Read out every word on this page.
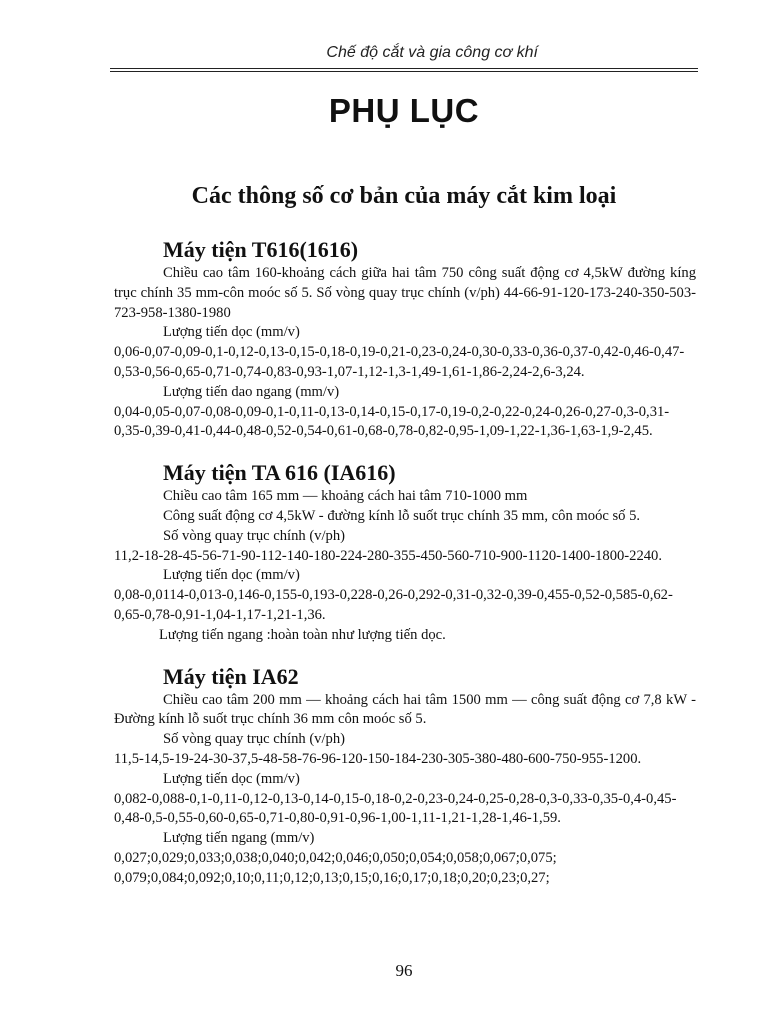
Chế độ cắt và gia công cơ khí
PHỤ LỤC
Các thông số cơ bản của máy cắt kim loại
Máy tiện T616(1616)

Chiều cao tâm 160-khoảng cách giữa hai tâm 750 công suất động cơ 4,5kW đường kíng trục chính 35 mm-côn moóc số 5. Số vòng quay trục chính (v/ph) 44-66-91-120-173-240-350-503-723-958-1380-1980

Lượng tiến dọc (mm/v)

0,06-0,07-0,09-0,1-0,12-0,13-0,15-0,18-0,19-0,21-0,23-0,24-0,30-0,33-0,36-0,37-0,42-0,46-0,47-0,53-0,56-0,65-0,71-0,74-0,83-0,93-1,07-1,12-1,3-1,49-1,61-1,86-2,24-2,6-3,24.

Lượng tiến dao ngang (mm/v)

0,04-0,05-0,07-0,08-0,09-0,1-0,11-0,13-0,14-0,15-0,17-0,19-0,2-0,22-0,24-0,26-0,27-0,3-0,31-0,35-0,39-0,41-0,44-0,48-0,52-0,54-0,61-0,68-0,78-0,82-0,95-1,09-1,22-1,36-1,63-1,9-2,45.

Máy tiện TA 616 (IA616)

Chiều cao tâm 165 mm — khoảng cách hai tâm 710-1000 mm

Công suất động cơ 4,5kW - đường kính lỗ suốt trục chính 35 mm, côn moóc số 5.

Số vòng quay trục chính (v/ph)

11,2-18-28-45-56-71-90-112-140-180-224-280-355-450-560-710-900-1120-1400-1800-2240.

Lượng tiến dọc (mm/v)

0,08-0,0114-0,013-0,146-0,155-0,193-0,228-0,26-0,292-0,31-0,32-0,39-0,455-0,52-0,585-0,62-0,65-0,78-0,91-1,04-1,17-1,21-1,36.

Lượng tiến ngang :hoàn toàn như lượng tiến dọc.

Máy tiện IA62

Chiều cao tâm 200 mm — khoảng cách hai tâm 1500 mm — công suất động cơ 7,8 kW - Đường kính lỗ suốt trục chính 36 mm côn moóc số 5.

Số vòng quay trục chính (v/ph)

11,5-14,5-19-24-30-37,5-48-58-76-96-120-150-184-230-305-380-480-600-750-955-1200.

Lượng tiến dọc (mm/v)

0,082-0,088-0,1-0,11-0,12-0,13-0,14-0,15-0,18-0,2-0,23-0,24-0,25-0,28-0,3-0,33-0,35-0,4-0,45-0,48-0,5-0,55-0,60-0,65-0,71-0,80-0,91-0,96-1,00-1,11-1,21-1,28-1,46-1,59.

Lượng tiến ngang (mm/v)

0,027;0,029;0,033;0,038;0,040;0,042;0,046;0,050;0,054;0,058;0,067;0,075; 0,079;0,084;0,092;0,10;0,11;0,12;0,13;0,15;0,16;0,17;0,18;0,20;0,23;0,27;

96
